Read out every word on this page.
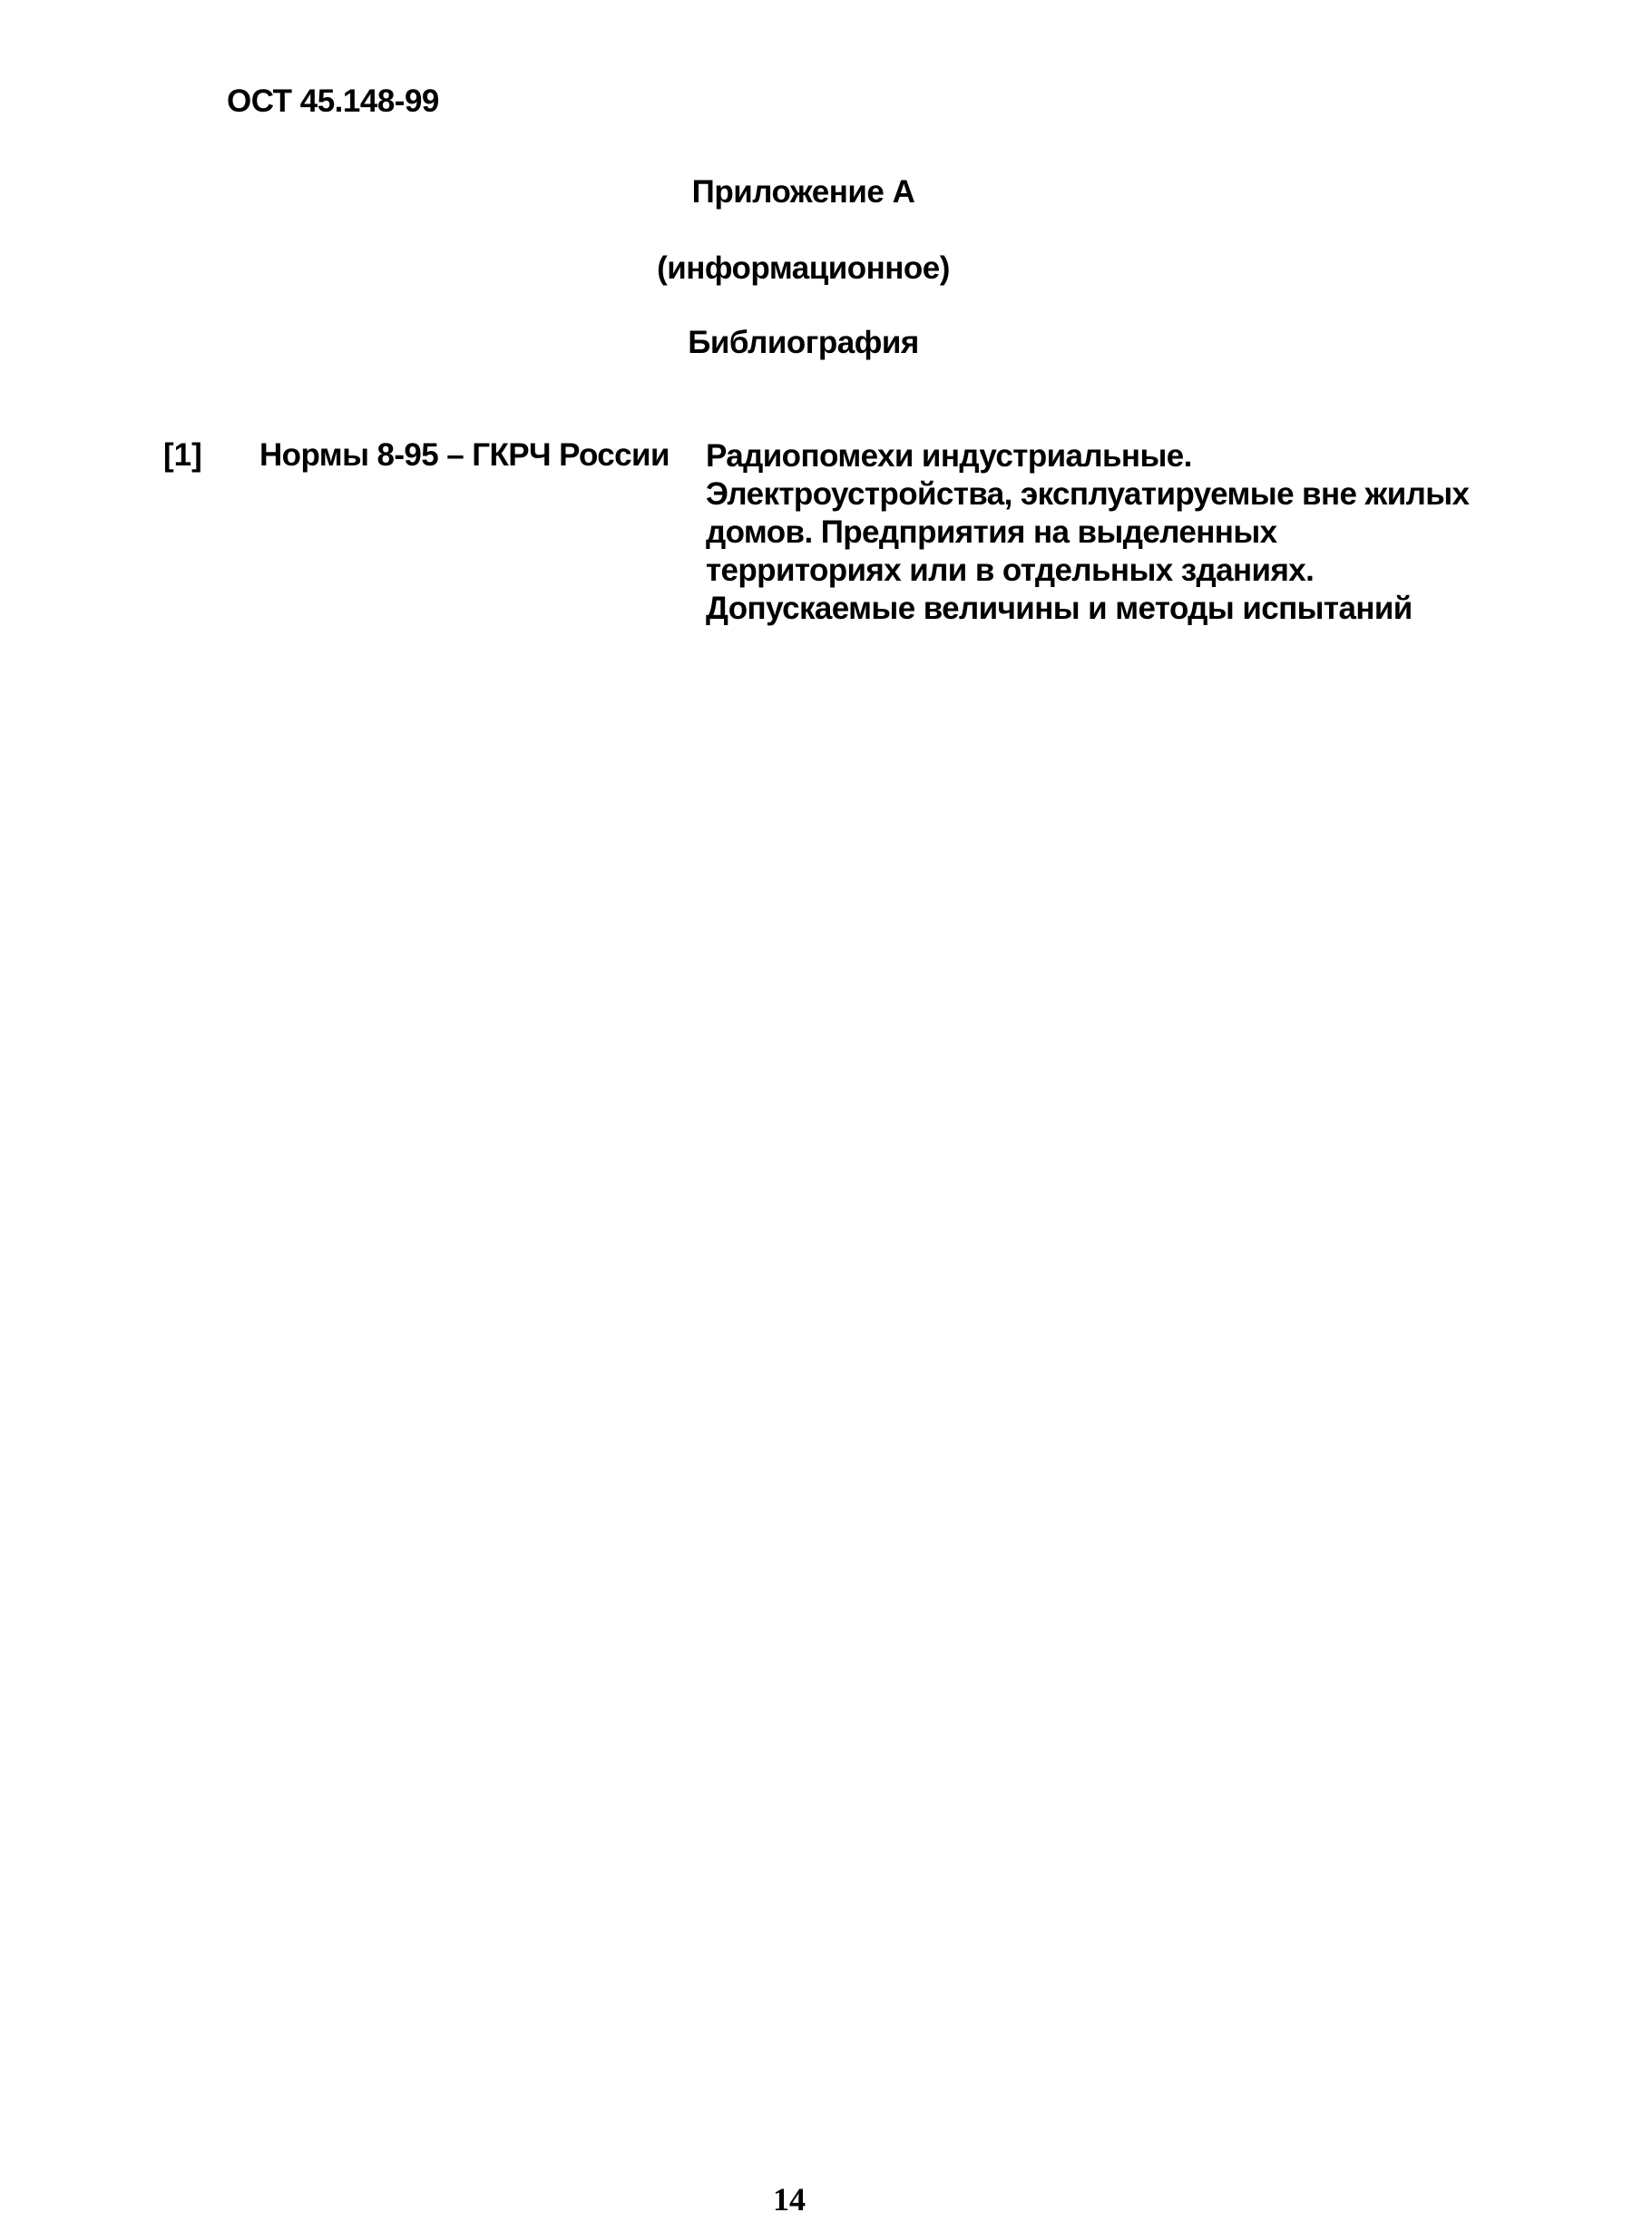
ОСТ 45.148-99
Приложение А
(информационное)
Библиография
[1] Нормы 8-95 – ГКРЧ России Радиопомехи индустриальные.
Электроустройства, эксплуатируемые вне жилых
домов. Предприятия на выделенных
территориях или в отдельных зданиях.
Допускаемые величины и методы испытаний
14
